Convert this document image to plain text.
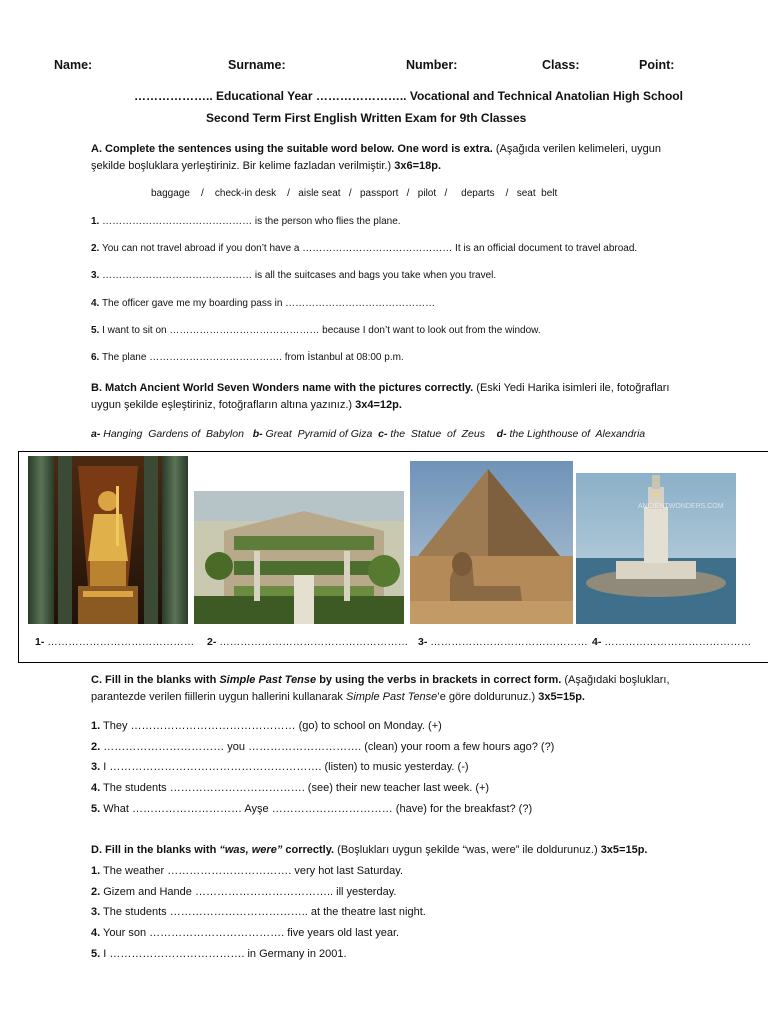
Name:	Surname:	Number:	Class:	Point:
……………….. Educational Year ………………….. Vocational and Technical Anatolian High School
Second Term First English Written Exam for 9th Classes
A. Complete the sentences using the suitable word below. One word is extra. (Aşağıda verilen kelimeleri, uygun
şekilde boşluklara yerleştiriniz. Bir kelime fazladan verilmiştir.) 3x6=18p.
baggage    /    check-in desk    /   aisle seat   /   passport   /   pilot   /     departs    /   seat  belt
1. ……………………………………… is the person who flies the plane.
2. You can not travel abroad if you don’t have a ……………………………………… It is an official document to travel abroad.
3. ……………………………………… is all the suitcases and bags you take when you travel.
4. The officer gave me my boarding pass in ………………………………………
5. I want to sit on ……………………………………… because I don’t want to look out from the window.
6. The plane …………………………………. from İstanbul at 08:00 p.m.
B. Match Ancient World Seven Wonders name with the pictures correctly. (Eski Yedi Harika isimleri ile, fotoğrafları
uygun şekilde eşleştiriniz, fotoğrafların altına yazınız.) 3x4=12p.
a- Hanging  Gardens of  Babylon b- Great  Pyramid of Giza c- the  Statue  of  Zeus d- the Lighthouse of  Alexandria
ANCIENTWONDERS.COM
1- …………………………………… 2- ……………………………………………… 3- ……………………………………… 4- ……………………………………
C. Fill in the blanks with Simple Past Tense by using the verbs in brackets in correct form. (Aşağıdaki boşlukları,
parantezde verilen fiillerin uygun hallerini kullanarak Simple Past Tense’e göre doldurunuz.) 3x5=15p.
1. They ……………………………………… (go) to school on Monday. (+)
2. …………………………… you …………………………. (clean) your room a few hours ago? (?)
3. I …………………………………………………. (listen) to music yesterday. (-)
4. The students ………………………………. (see) their new teacher last week. (+)
5. What ………………………… Ayşe …………………………… (have) for the breakfast? (?)
D. Fill in the blanks with “was, were” correctly. (Boşlukları uygun şekilde “was, were” ile doldurunuz.) 3x5=15p.
1. The weather ……………………………. very hot last Saturday.
2. Gizem and Hande ……………………………….. ill yesterday.
3. The students ……………………………….. at the theatre last night.
4. Your son ………………………………. five years old last year.
5. I ………………………………. in Germany in 2001.
